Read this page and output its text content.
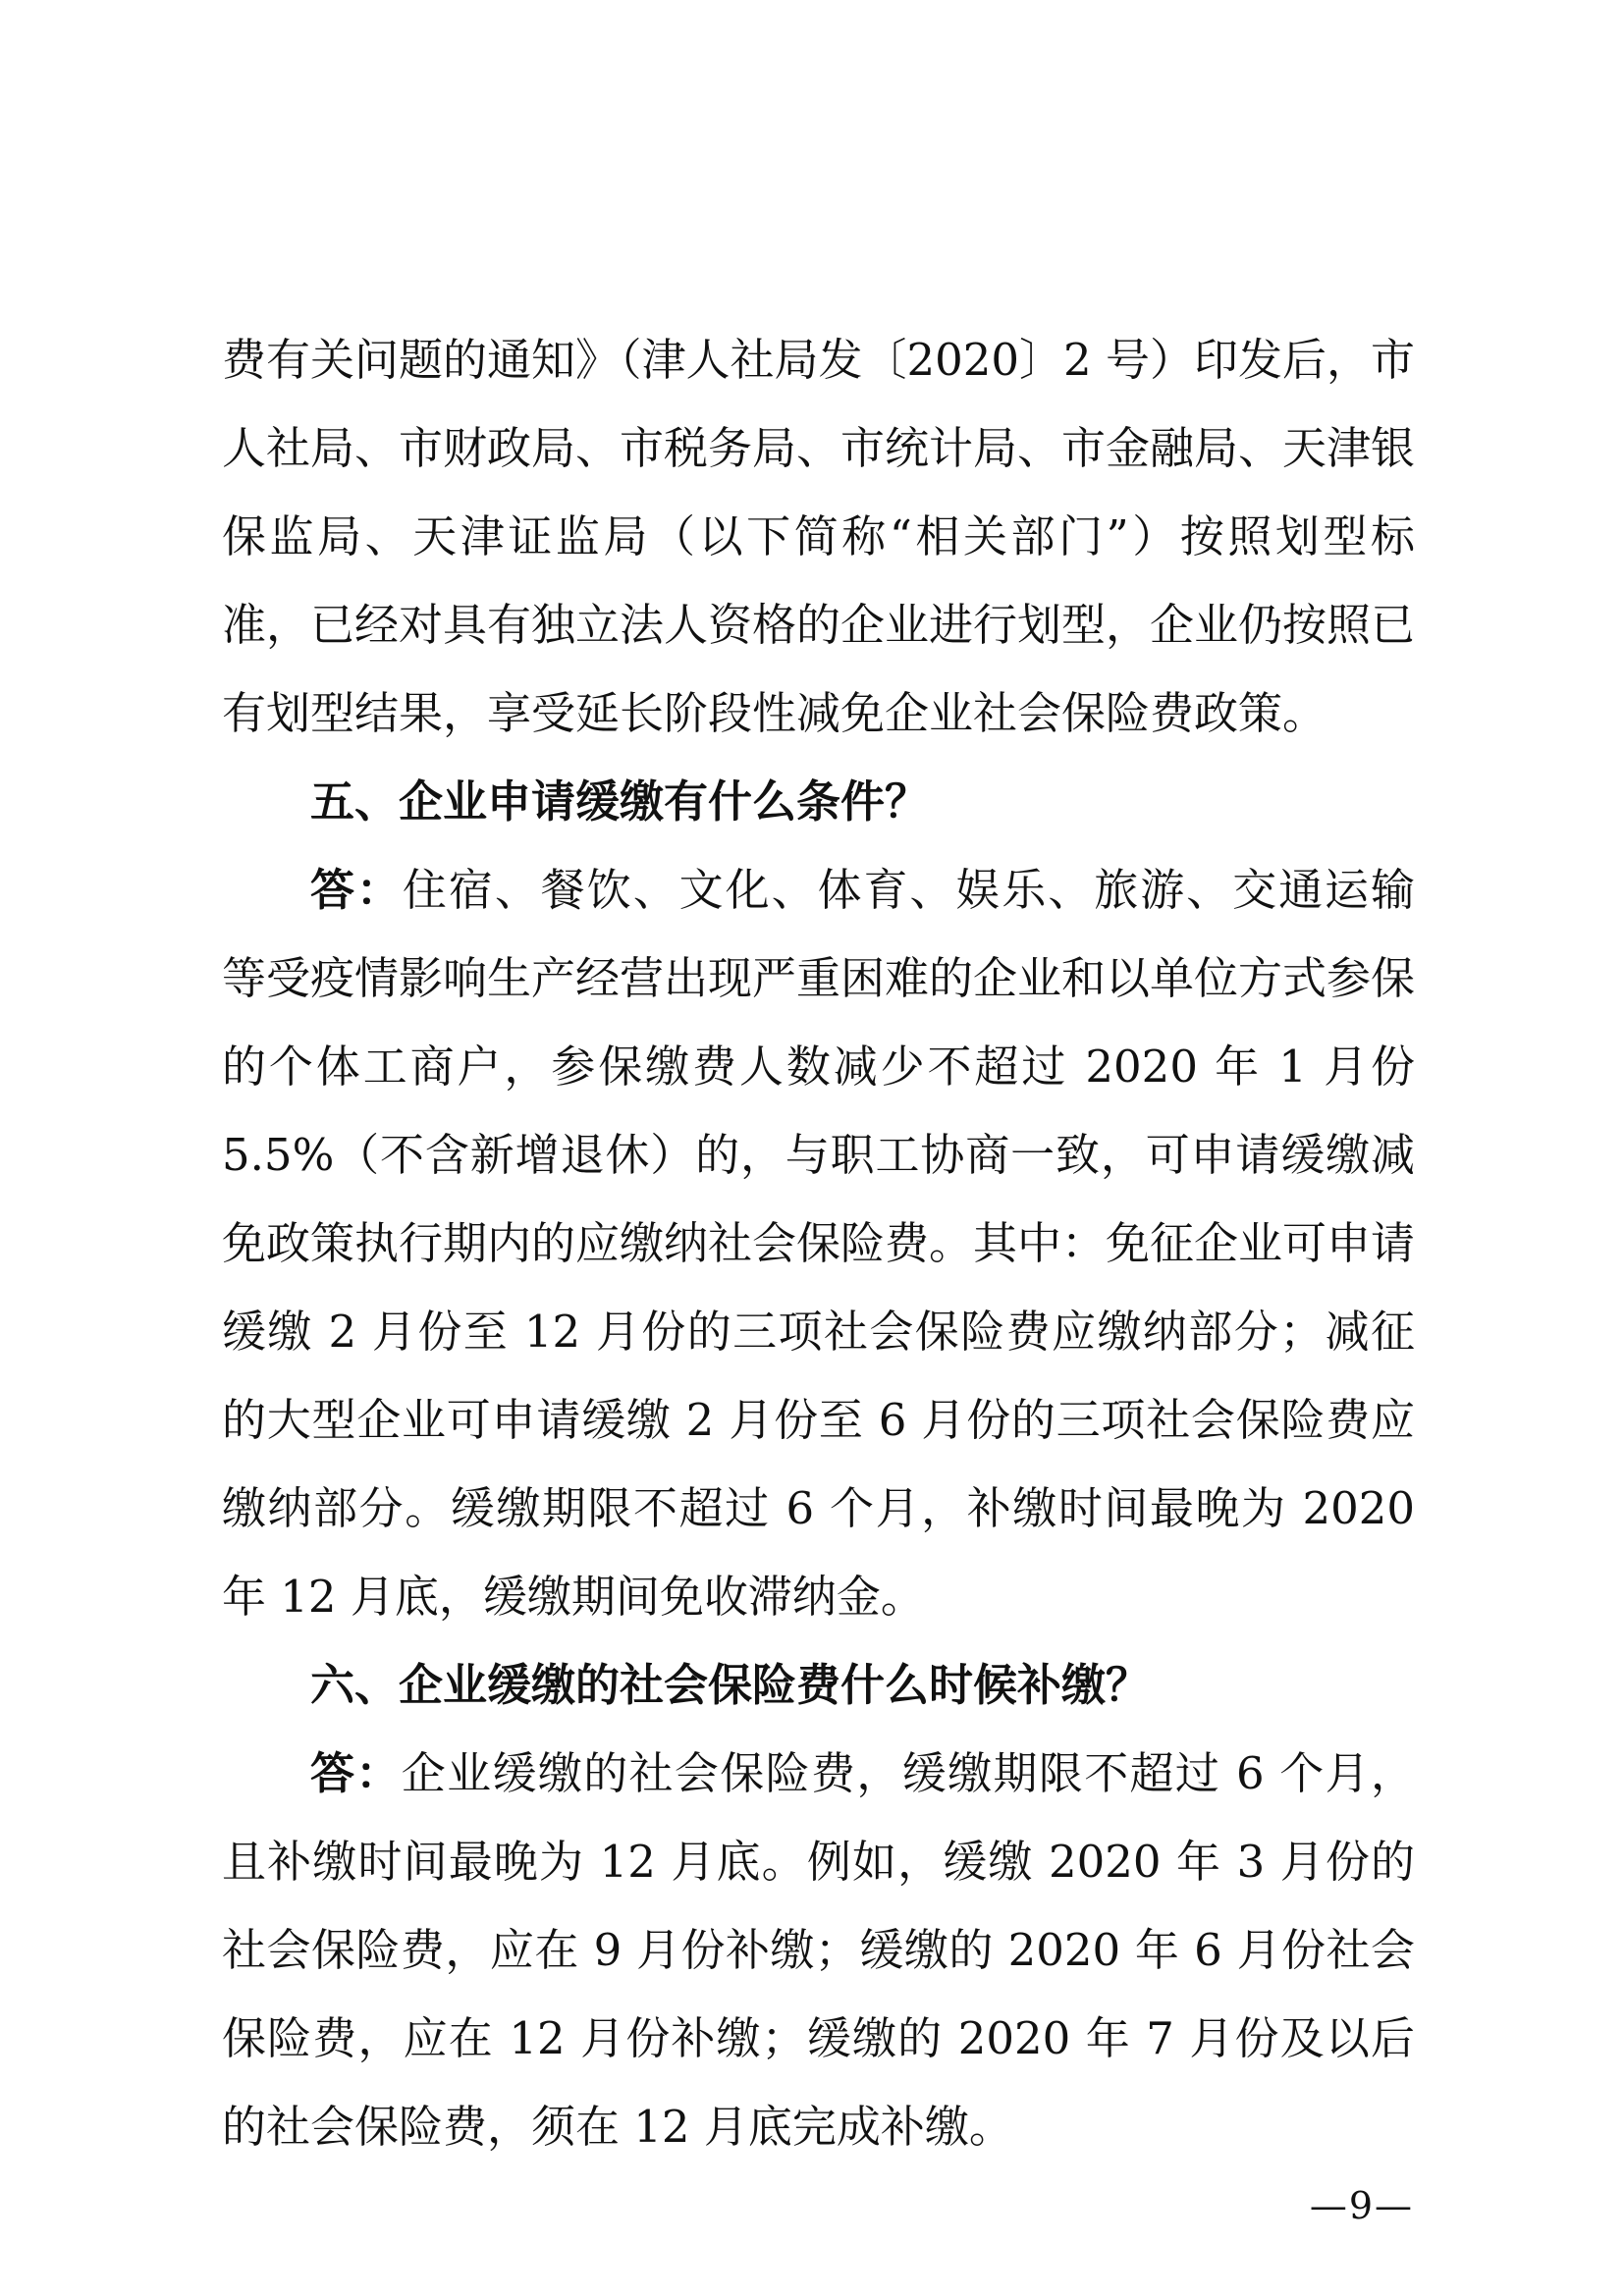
费有关问题的通知》（津人社局发〔2020〕2 号）印发后，市人社局、市财政局、市税务局、市统计局、市金融局、天津银保监局、天津证监局（以下简称“相关部门”）按照划型标准，已经对具有独立法人资格的企业进行划型，企业仍按照已有划型结果，享受延长阶段性减免企业社会保险费政策。

五、企业申请缓缴有什么条件？

答：住宿、餐饮、文化、体育、娱乐、旅游、交通运输等受疫情影响生产经营出现严重困难的企业和以单位方式参保的个体工商户，参保缴费人数减少不超过 2020 年 1 月份 5.5%（不含新增退休）的，与职工协商一致，可申请缓缴减免政策执行期内的应缴纳社会保险费。其中：免征企业可申请缓缴 2 月份至 12 月份的三项社会保险费应缴纳部分；减征的大型企业可申请缓缴 2 月份至 6 月份的三项社会保险费应缴纳部分。缓缴期限不超过 6 个月，补缴时间最晚为 2020 年 12 月底，缓缴期间免收滞纳金。

六、企业缓缴的社会保险费什么时候补缴？

答：企业缓缴的社会保险费，缓缴期限不超过 6 个月，且补缴时间最晚为 12 月底。例如，缓缴 2020 年 3 月份的社会保险费，应在 9 月份补缴；缓缴的 2020 年 6 月份社会保险费，应在 12 月份补缴；缓缴的 2020 年 7 月份及以后的社会保险费，须在 12 月底完成补缴。

—9—
